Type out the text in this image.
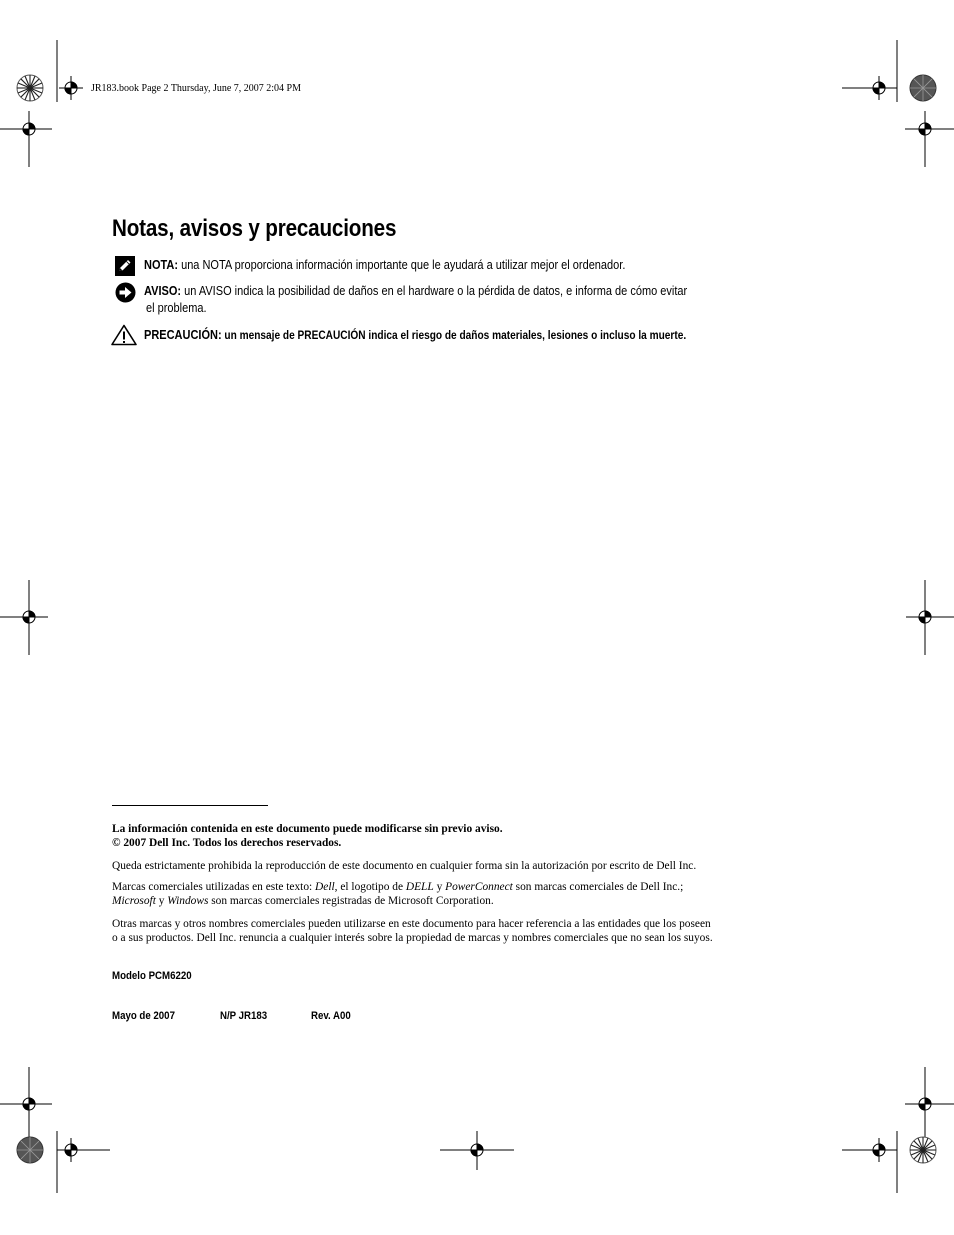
JR183.book Page 2 Thursday, June 7, 2007 2:04 PM
Notas, avisos y precauciones
NOTA: una NOTA proporciona información importante que le ayudará a utilizar mejor el ordenador.
AVISO: un AVISO indica la posibilidad de daños en el hardware o la pérdida de datos, e informa de cómo evitar
el problema.
PRECAUCIÓN: un mensaje de PRECAUCIÓN indica el riesgo de daños materiales, lesiones o incluso la muerte.
La información contenida en este documento puede modificarse sin previo aviso.
© 2007 Dell Inc. Todos los derechos reservados.
Queda estrictamente prohibida la reproducción de este documento en cualquier forma sin la autorización por escrito de Dell Inc.
Marcas comerciales utilizadas en este texto: Dell, el logotipo de DELL y PowerConnect son marcas comerciales de Dell Inc.;
Microsoft y Windows son marcas comerciales registradas de Microsoft Corporation.
Otras marcas y otros nombres comerciales pueden utilizarse en este documento para hacer referencia a las entidades que los poseen
o a sus productos. Dell Inc. renuncia a cualquier interés sobre la propiedad de marcas y nombres comerciales que no sean los suyos.
Modelo PCM6220
Mayo de 2007	N/P JR183	Rev. A00
